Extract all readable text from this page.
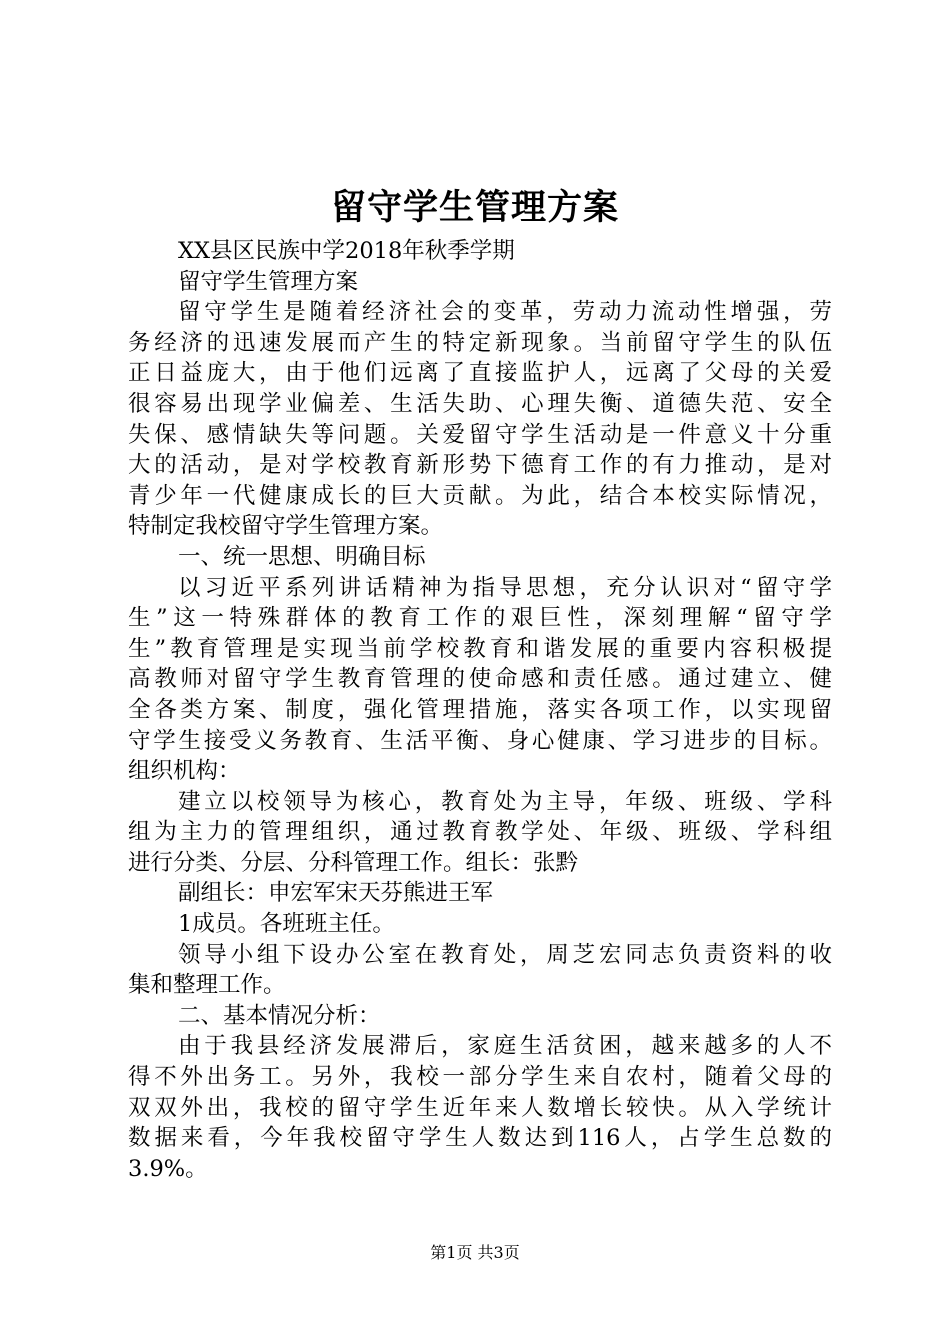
留守学生管理方案
XX县区民族中学2018年秋季学期
留守学生管理方案
留守学生是随着经济社会的变革，劳动力流动性增强，劳
务经济的迅速发展而产生的特定新现象。当前留守学生的队伍
正日益庞大，由于他们远离了直接监护人，远离了父母的关爱
很容易出现学业偏差、生活失助、心理失衡、道德失范、安全
失保、感情缺失等问题。关爱留守学生活动是一件意义十分重
大的活动，是对学校教育新形势下德育工作的有力推动，是对
青少年一代健康成长的巨大贡献。为此，结合本校实际情况，
特制定我校留守学生管理方案。
一、统一思想、明确目标
以习近平系列讲话精神为指导思想，充分认识对“留守学
生”这一特殊群体的教育工作的艰巨性，深刻理解“留守学
生”教育管理是实现当前学校教育和谐发展的重要内容积极提
高教师对留守学生教育管理的使命感和责任感。通过建立、健
全各类方案、制度，强化管理措施，落实各项工作，以实现留
守学生接受义务教育、生活平衡、身心健康、学习进步的目标。
组织机构：
建立以校领导为核心，教育处为主导，年级、班级、学科
组为主力的管理组织，通过教育教学处、年级、班级、学科组
进行分类、分层、分科管理工作。组长：张黔
副组长：申宏军宋天芬熊进王军
1成员。各班班主任。
领导小组下设办公室在教育处，周芝宏同志负责资料的收
集和整理工作。
二、基本情况分析：
由于我县经济发展滞后，家庭生活贫困，越来越多的人不
得不外出务工。另外，我校一部分学生来自农村，随着父母的
双双外出，我校的留守学生近年来人数增长较快。从入学统计
数据来看，今年我校留守学生人数达到116人，占学生总数的
3.9%。
第1页 共3页
